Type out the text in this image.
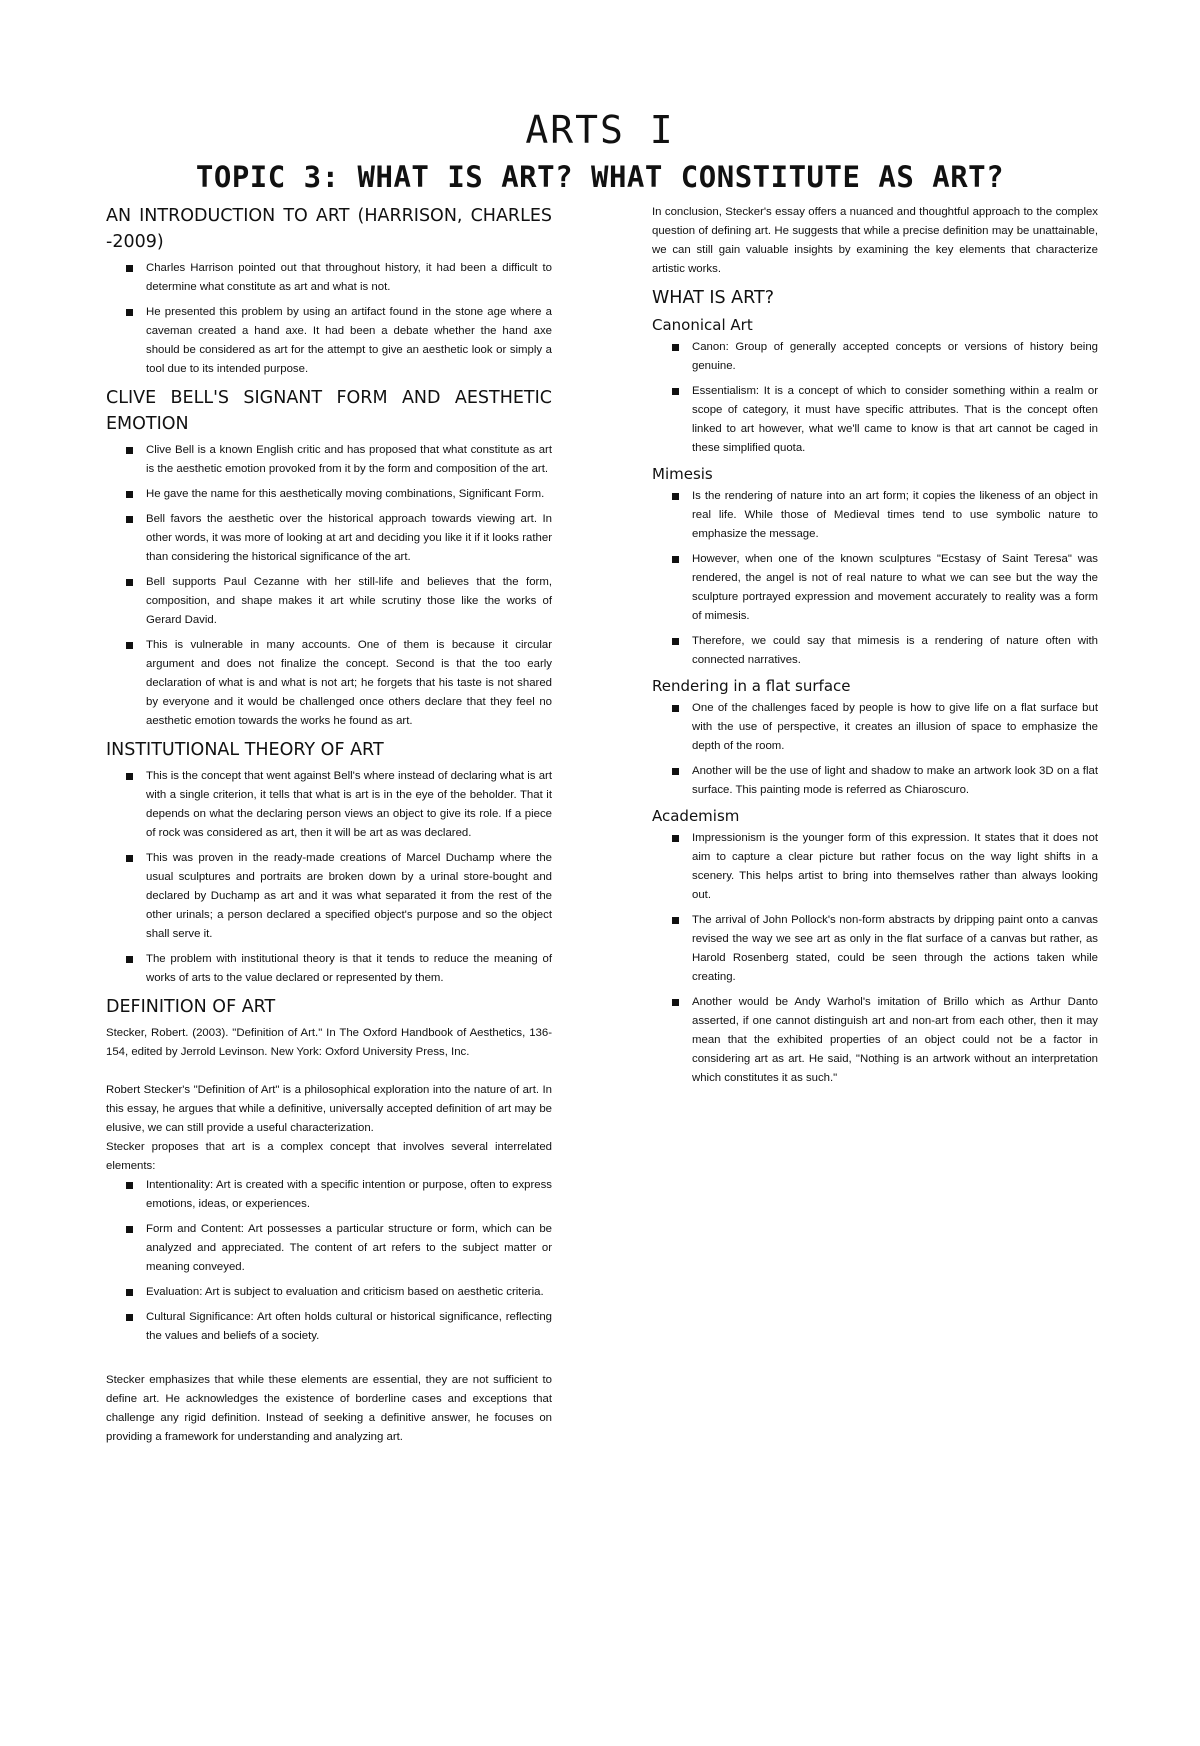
ARTS I
TOPIC 3: WHAT IS ART? WHAT CONSTITUTE AS ART?
AN INTRODUCTION TO ART (HARRISON, CHARLES -2009)
Charles Harrison pointed out that throughout history, it had been a difficult to determine what constitute as art and what is not.
He presented this problem by using an artifact found in the stone age where a caveman created a hand axe. It had been a debate whether the hand axe should be considered as art for the attempt to give an aesthetic look or simply a tool due to its intended purpose.
CLIVE BELL'S SIGNANT FORM AND AESTHETIC EMOTION
Clive Bell is a known English critic and has proposed that what constitute as art is the aesthetic emotion provoked from it by the form and composition of the art.
He gave the name for this aesthetically moving combinations, Significant Form.
Bell favors the aesthetic over the historical approach towards viewing art. In other words, it was more of looking at art and deciding you like it if it looks rather than considering the historical significance of the art.
Bell supports Paul Cezanne with her still-life and believes that the form, composition, and shape makes it art while scrutiny those like the works of Gerard David.
This is vulnerable in many accounts. One of them is because it circular argument and does not finalize the concept. Second is that the too early declaration of what is and what is not art; he forgets that his taste is not shared by everyone and it would be challenged once others declare that they feel no aesthetic emotion towards the works he found as art.
INSTITUTIONAL THEORY OF ART
This is the concept that went against Bell's where instead of declaring what is art with a single criterion, it tells that what is art is in the eye of the beholder. That it depends on what the declaring person views an object to give its role. If a piece of rock was considered as art, then it will be art as was declared.
This was proven in the ready-made creations of Marcel Duchamp where the usual sculptures and portraits are broken down by a urinal store-bought and declared by Duchamp as art and it was what separated it from the rest of the other urinals; a person declared a specified object's purpose and so the object shall serve it.
The problem with institutional theory is that it tends to reduce the meaning of works of arts to the value declared or represented by them.
DEFINITION OF ART

Stecker, Robert. (2003). "Definition of Art." In The Oxford Handbook of Aesthetics, 136-154, edited by Jerrold Levinson. New York: Oxford University Press, Inc.

Robert Stecker's "Definition of Art" is a philosophical exploration into the nature of art. In this essay, he argues that while a definitive, universally accepted definition of art may be elusive, we can still provide a useful characterization.

Stecker proposes that art is a complex concept that involves several interrelated elements:

Intentionality: Art is created with a specific intention or purpose, often to express emotions, ideas, or experiences.
Form and Content: Art possesses a particular structure or form, which can be analyzed and appreciated. The content of art refers to the subject matter or meaning conveyed.
Evaluation: Art is subject to evaluation and criticism based on aesthetic criteria.
Cultural Significance: Art often holds cultural or historical significance, reflecting the values and beliefs of a society.

Stecker emphasizes that while these elements are essential, they are not sufficient to define art. He acknowledges the existence of borderline cases and exceptions that challenge any rigid definition. Instead of seeking a definitive answer, he focuses on providing a framework for understanding and analyzing art.

In conclusion, Stecker's essay offers a nuanced and thoughtful approach to the complex question of defining art. He suggests that while a precise definition may be unattainable, we can still gain valuable insights by examining the key elements that characterize artistic works.

WHAT IS ART?
Canonical Art
Canon: Group of generally accepted concepts or versions of history being genuine.
Essentialism: It is a concept of which to consider something within a realm or scope of category, it must have specific attributes. That is the concept often linked to art however, what we'll came to know is that art cannot be caged in these simplified quota.
Mimesis
Is the rendering of nature into an art form; it copies the likeness of an object in real life. While those of Medieval times tend to use symbolic nature to emphasize the message.
However, when one of the known sculptures "Ecstasy of Saint Teresa" was rendered, the angel is not of real nature to what we can see but the way the sculpture portrayed expression and movement accurately to reality was a form of mimesis.
Therefore, we could say that mimesis is a rendering of nature often with connected narratives.
Rendering in a flat surface
One of the challenges faced by people is how to give life on a flat surface but with the use of perspective, it creates an illusion of space to emphasize the depth of the room.
Another will be the use of light and shadow to make an artwork look 3D on a flat surface. This painting mode is referred as Chiaroscuro.
Academism
Impressionism is the younger form of this expression. It states that it does not aim to capture a clear picture but rather focus on the way light shifts in a scenery. This helps artist to bring into themselves rather than always looking out.
The arrival of John Pollock's non-form abstracts by dripping paint onto a canvas revised the way we see art as only in the flat surface of a canvas but rather, as Harold Rosenberg stated, could be seen through the actions taken while creating.
Another would be Andy Warhol's imitation of Brillo which as Arthur Danto asserted, if one cannot distinguish art and non-art from each other, then it may mean that the exhibited properties of an object could not be a factor in considering art as art. He said, "Nothing is an artwork without an interpretation which constitutes it as such."
